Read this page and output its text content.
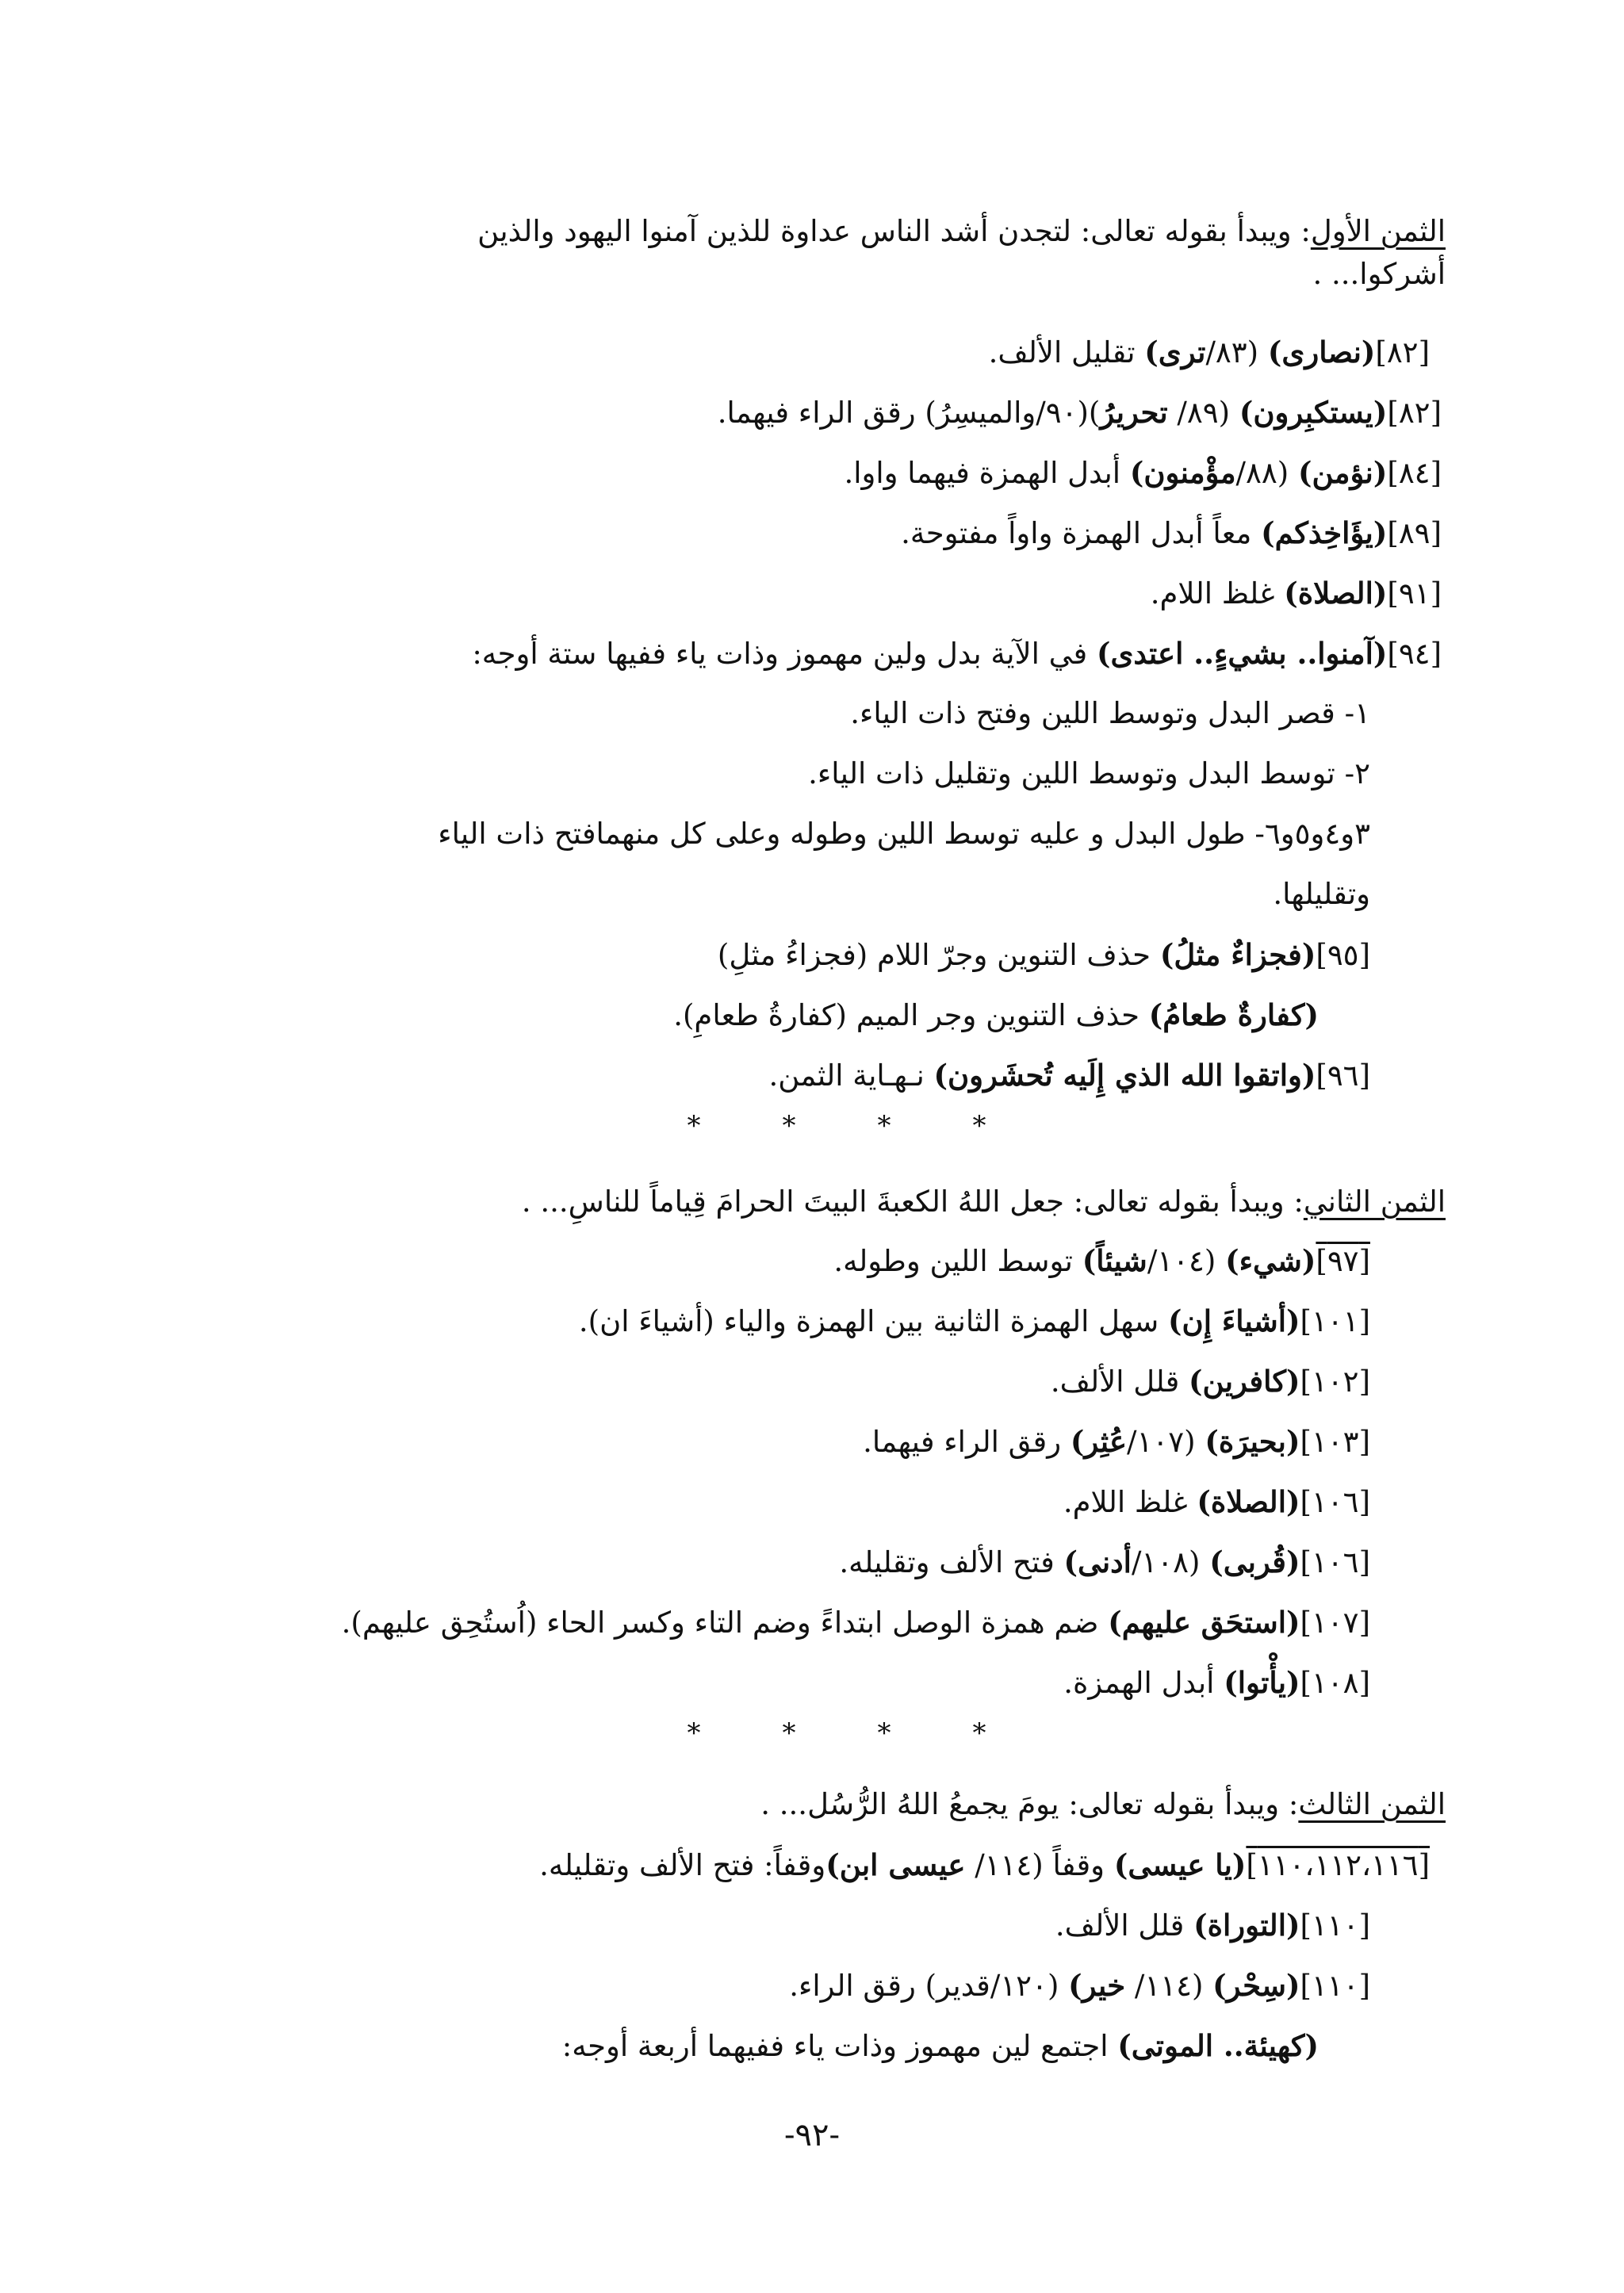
الثمن الأول: ويبدأ بقوله تعالى: لتجدن أشد الناس عداوة للذين آمنوا اليهود والذين
أشركوا... .
[٨٢](نصارى) (٨٣/ترى) تقليل الألف.
[٨٢](يستكبِرون) (٨٩/ تحريرُ)(٩٠/والميسِرُ) رقق الراء فيهما.
[٨٤](نؤمن) (٨٨/مؤْمنون) أبدل الهمزة فيهما واوا.
[٨٩](يؤَاخِذكم) معاً أبدل الهمزة واواً مفتوحة.
[٩١](الصلاة) غلظ اللام.
[٩٤](آمنوا.. بشيءٍ.. اعتدى) في الآية بدل ولين مهموز وذات ياء ففيها ستة أوجه:
١- قصر البدل وتوسط اللين وفتح ذات الياء.
٢- توسط البدل وتوسط اللين وتقليل ذات الياء.
٣و٤و٥و٦- طول البدل و عليه توسط اللين وطوله وعلى كل منهمافتح ذات الياء
وتقليلها.
[٩٥](فجزاءٌ مثلُ) حذف التنوين وجرّ اللام (فجزاءُ مثلِ)
(كفارةٌ طعامُ) حذف التنوين وجر الميم (كفارةُ طعامِ).
[٩٦](واتقوا الله الذي إِلَيه تُحشَرون) نـهـاية الثمن.
*	*	*	*
الثمن الثاني: ويبدأ بقوله تعالى: جعل اللهُ الكعبةَ البيتَ الحرامَ قِياماً للناسِ... .
[٩٧](شيء) (١٠٤/شيئاً) توسط اللين وطوله.
[١٠١](أشياءَ إِن) سهل الهمزة الثانية بين الهمزة والياء (أشياءَ ان).
[١٠٢](كافرين) قلل الألف.
[١٠٣](بحيرَة) (١٠٧/عُثِر) رقق الراء فيهما.
[١٠٦](الصلاة) غلظ اللام.
[١٠٦](قُربى) (١٠٨/أدنى) فتح الألف وتقليله.
[١٠٧](استحَق عليهم) ضم همزة الوصل ابتداءً وضم التاء وكسر الحاء (اُستُحِق عليهم).
[١٠٨](يأْتوا) أبدل الهمزة.
*	*	*	*
الثمن الثالث: ويبدأ بقوله تعالى: يومَ يجمعُ اللهُ الرُّسُل... .
[١١٠،١١٢،١١٦](يا عيسى) وقفاً (١١٤/ عيسى ابن)وقفاً: فتح الألف وتقليله.
[١١٠](التوراة) قلل الألف.
[١١٠](سِحْر) (١١٤/ خير) (١٢٠/قدير) رقق الراء.
(كهيئة.. الموتى) اجتمع لين مهموز وذات ياء ففيهما أربعة أوجه:
-٩٢-
